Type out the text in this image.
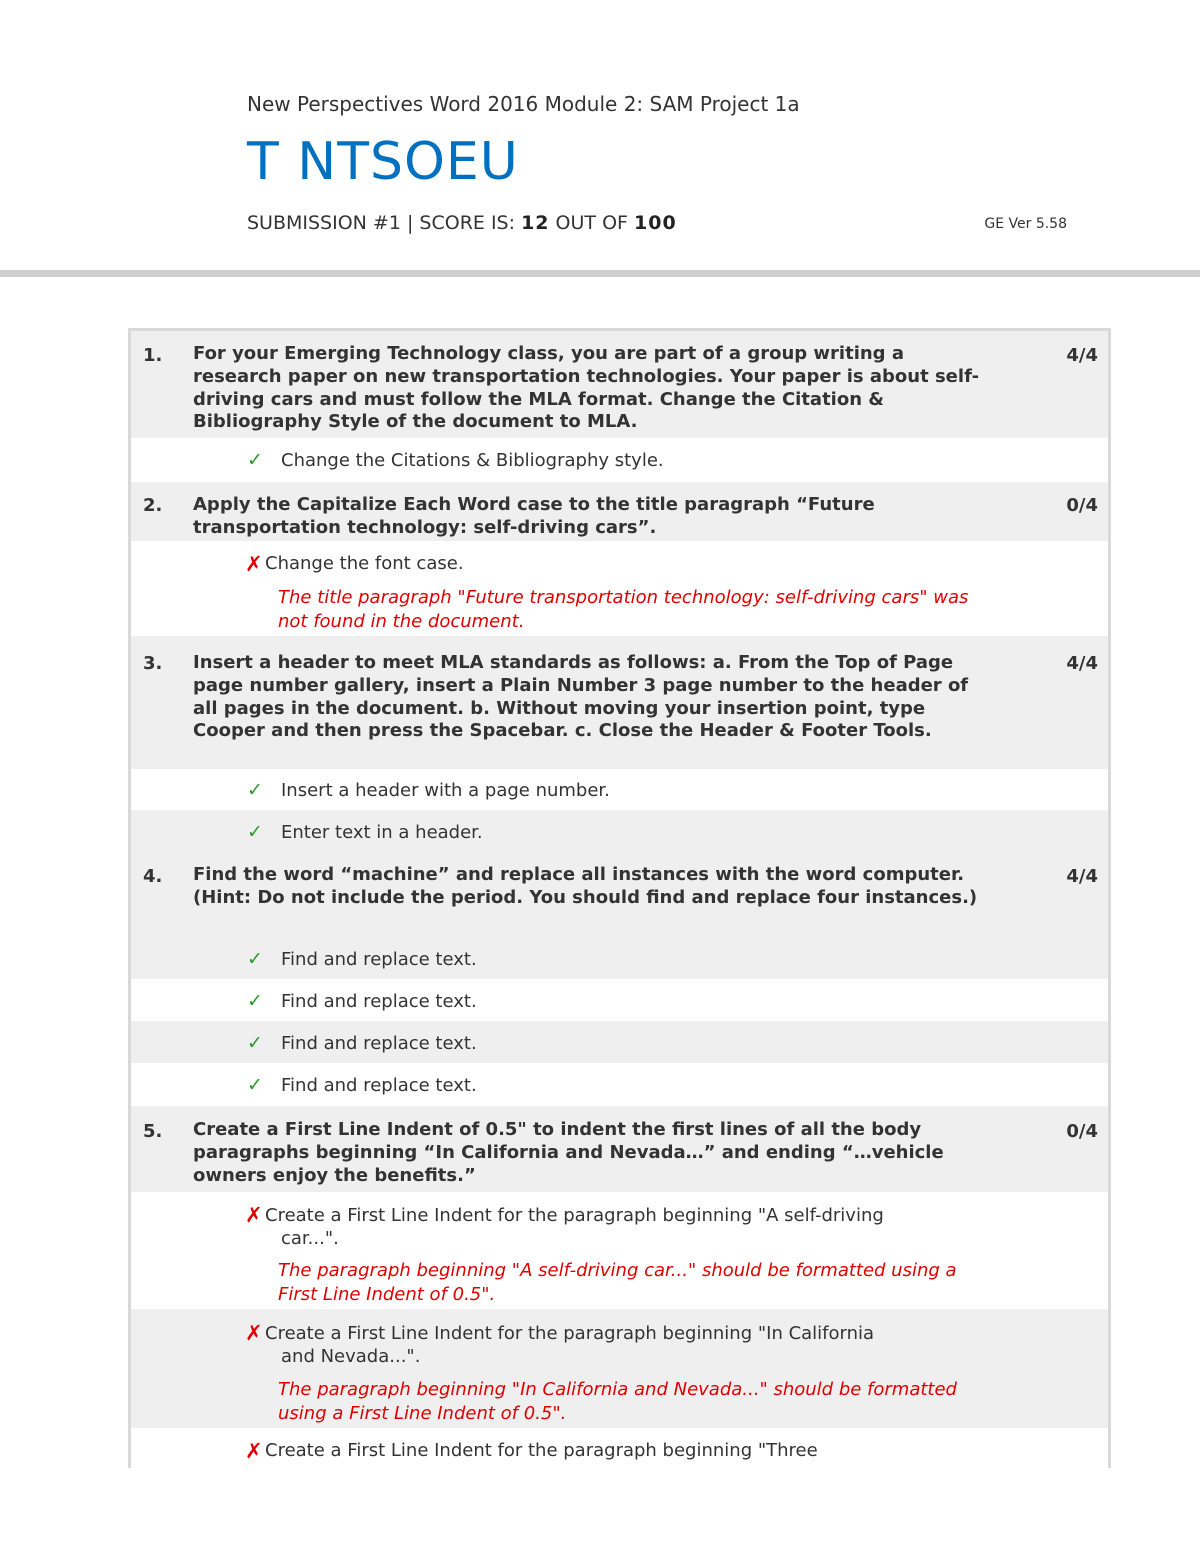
New Perspectives Word 2016 Module 2: SAM Project 1a
T NTSOEU
SUBMISSION #1 | SCORE IS: 12 OUT OF 100	GE Ver 5.58
1. For your Emerging Technology class, you are part of a group writing a research paper on new transportation technologies. Your paper is about self-driving cars and must follow the MLA format. Change the Citation & Bibliography Style of the document to MLA.
4/4
✓ Change the Citations & Bibliography style.
2. Apply the Capitalize Each Word case to the title paragraph “Future transportation technology: self-driving cars”.
0/4
✗ Change the font case.
The title paragraph "Future transportation technology: self-driving cars" was not found in the document.
3. Insert a header to meet MLA standards as follows: a. From the Top of Page page number gallery, insert a Plain Number 3 page number to the header of all pages in the document. b. Without moving your insertion point, type Cooper and then press the Spacebar. c. Close the Header & Footer Tools.
4/4
✓ Insert a header with a page number.
✓ Enter text in a header.
4. Find the word “machine” and replace all instances with the word computer. (Hint: Do not include the period. You should find and replace four instances.)
4/4
✓ Find and replace text.
✓ Find and replace text.
✓ Find and replace text.
✓ Find and replace text.
5. Create a First Line Indent of 0.5" to indent the first lines of all the body paragraphs beginning “In California and Nevada…” and ending “…vehicle owners enjoy the benefits.”
0/4
✗ Create a First Line Indent for the paragraph beginning "A self-driving
car...".
The paragraph beginning "A self-driving car..." should be formatted using a First Line Indent of 0.5".
✗ Create a First Line Indent for the paragraph beginning "In California
and Nevada...".
The paragraph beginning "In California and Nevada..." should be formatted using a First Line Indent of 0.5".
✗ Create a First Line Indent for the paragraph beginning "Three
